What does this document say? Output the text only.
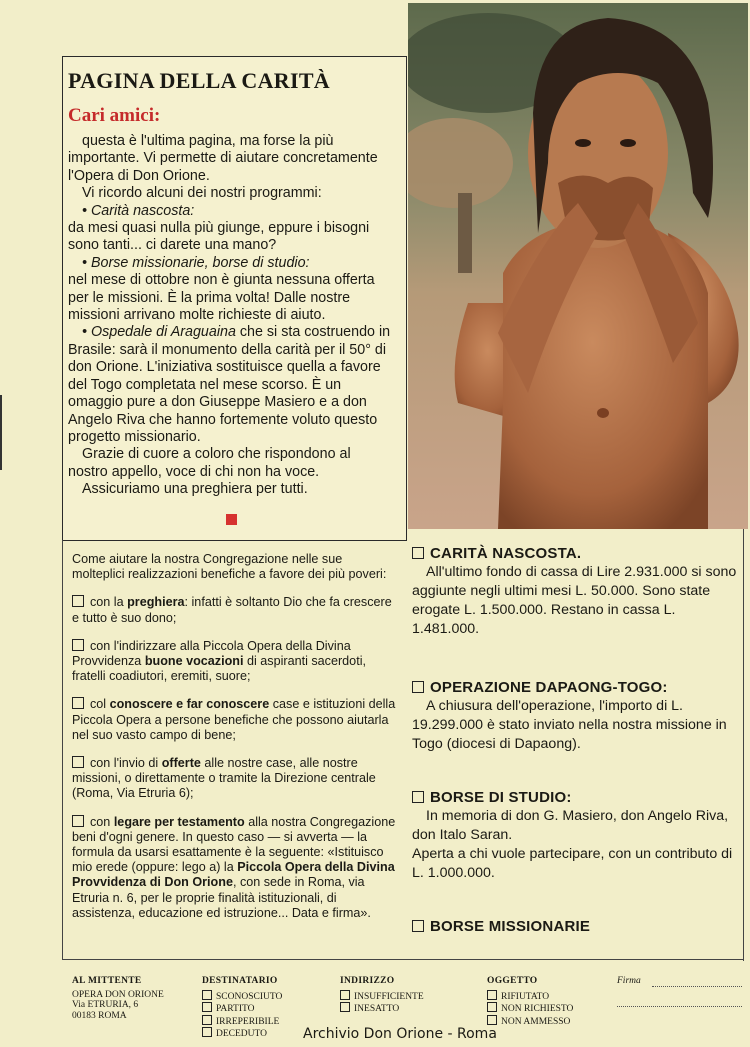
PAGINA DELLA CARITÀ
Cari amici:

questa è l'ultima pagina, ma forse la più importante. Vi permette di aiutare concretamente l'Opera di Don Orione.

Vi ricordo alcuni dei nostri programmi:

• Carità nascosta:

da mesi quasi nulla più giunge, eppure i bisogni sono tanti... ci darete una mano?

• Borse missionarie, borse di studio:

nel mese di ottobre non è giunta nessuna offerta per le missioni. È la prima volta! Dalle nostre missioni arrivano molte richieste di aiuto.

• Ospedale di Araguaina che si sta costruendo in Brasile: sarà il monumento della carità per il 50° di don Orione. L'iniziativa sostituisce quella a favore del Togo completata nel mese scorso. È un omaggio pure a don Giuseppe Masiero e a don Angelo Riva che hanno fortemente voluto questo progetto missionario.

Grazie di cuore a coloro che rispondono al nostro appello, voce di chi non ha voce.

Assicuriamo una preghiera per tutti.

Come aiutare la nostra Congregazione nelle sue molteplici realizzazioni benefiche a favore dei più poveri:

con la preghiera: infatti è soltanto Dio che fa crescere e tutto è suo dono;

con l'indirizzare alla Piccola Opera della Divina Provvidenza buone vocazioni di aspiranti sacerdoti, fratelli coadiutori, eremiti, suore;

col conoscere e far conoscere case e istituzioni della Piccola Opera a persone benefiche che possono aiutarla nel suo vasto campo di bene;

con l'invio di offerte alle nostre case, alle nostre missioni, o direttamente o tramite la Direzione centrale (Roma, Via Etruria 6);

con legare per testamento alla nostra Congregazione beni d'ogni genere. In questo caso — si avverta — la formula da usarsi esattamente è la seguente: «Istituisco mio erede (oppure: lego a) la Piccola Opera della Divina Provvidenza di Don Orione, con sede in Roma, via Etruria n. 6, per le proprie finalità istituzionali, di assistenza, educazione ed istruzione... Data e firma».

CARITÀ NASCOSTA.

All'ultimo fondo di cassa di Lire 2.931.000 si sono aggiunte negli ultimi mesi L. 50.000. Sono state erogate L. 1.500.000. Restano in cassa L. 1.481.000.

OPERAZIONE DAPAONG-TOGO:

A chiusura dell'operazione, l'importo di L. 19.299.000 è stato inviato nella nostra missione in Togo (diocesi di Dapaong).

BORSE DI STUDIO:

In memoria di don G. Masiero, don Angelo Riva, don Italo Saran.

Aperta a chi vuole partecipare, con un contributo di L. 1.000.000.

BORSE MISSIONARIE
AL MITTENTE
OPERA DON ORIONE
Via ETRURIA, 6
00183 ROMA
DESTINATARIO
SCONOSCIUTO
PARTITO
IRREPERIBILE
DECEDUTO
INDIRIZZO
INSUFFICIENTE
INESATTO
OGGETTO
RIFIUTATO
NON RICHIESTO
NON AMMESSO
Firma
Archivio Don Orione - Roma
